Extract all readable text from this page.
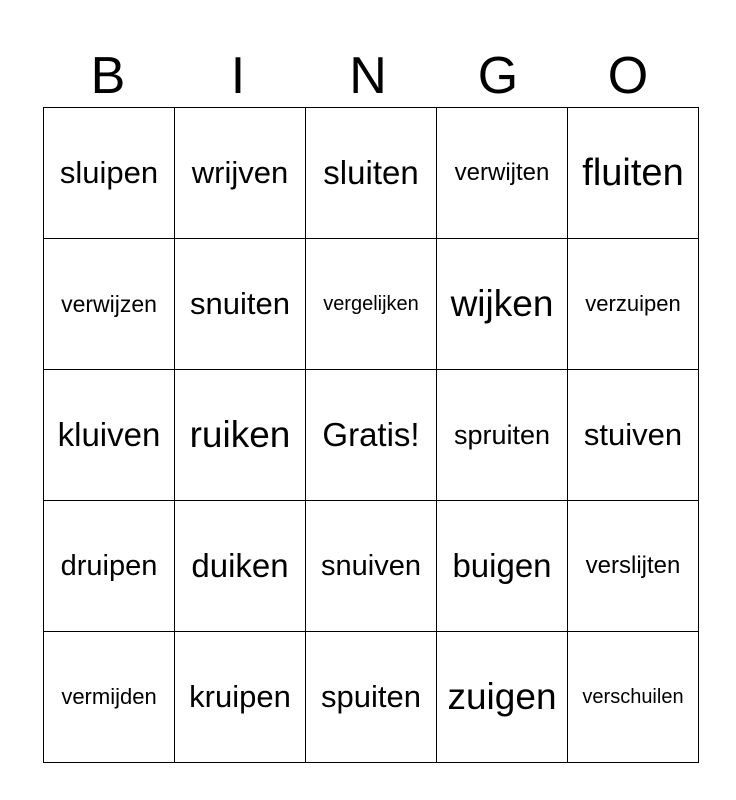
B	I	N	G	O
sluipen	wrijven	sluiten	verwijten	fluiten
verwijzen	snuiten	vergelijken	wijken	verzuipen
kluiven	ruiken	Gratis!	spruiten	stuiven
druipen	duiken	snuiven	buigen	verslijten
vermijden	kruipen	spuiten	zuigen	verschuilen
